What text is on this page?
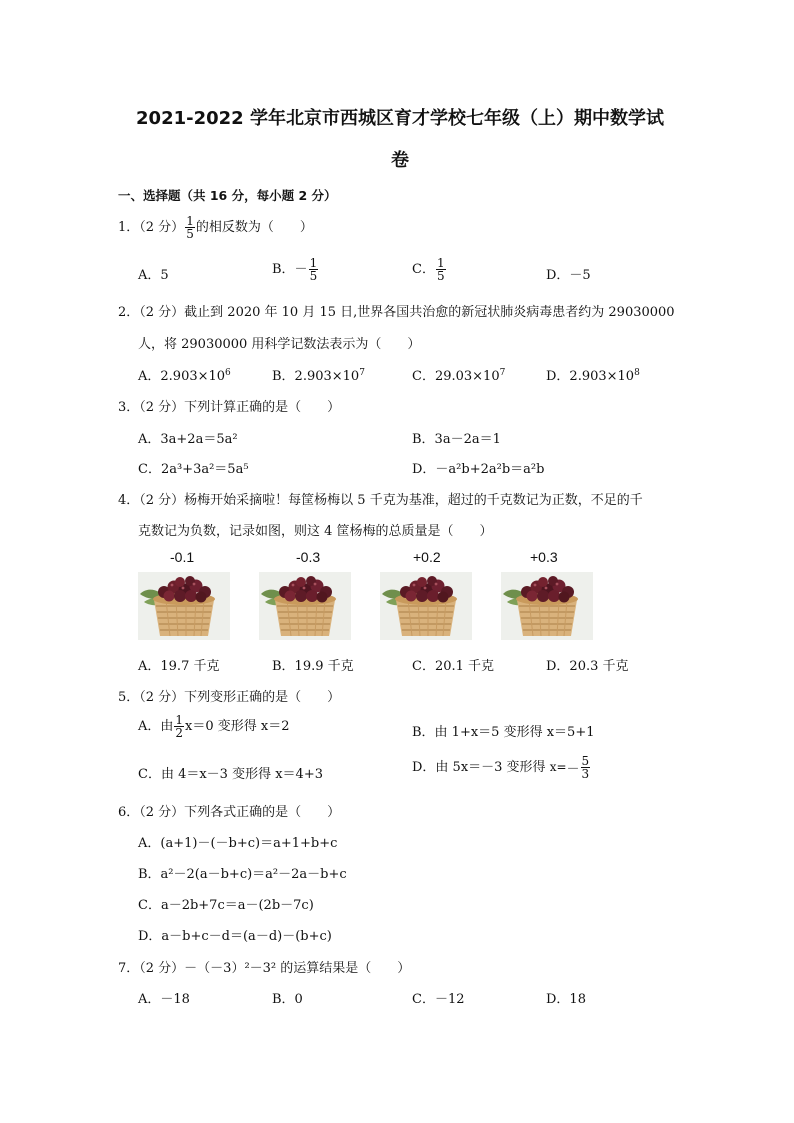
2021-2022 学年北京市西城区育才学校七年级（上）期中数学试
卷
一、选择题（共 16 分，每小题 2 分）
1．（2 分） $\frac{1}{5}$ 的相反数为（　　）
A．5	B．－ $\frac{1}{5}$	C． $\frac{1}{5}$	D．－5
2．（2 分）截止到 2020 年 10 月 15 日,世界各国共治愈的新冠状肺炎病毒患者约为 29030000
人，将 29030000 用科学记数法表示为（　　）
A．$2.903\times 10^6$	B．$2.903\times 10^7$	C．$29.03\times 10^7$	D．$2.903\times 10^8$
3．（2 分）下列计算正确的是（　　）
A．3a+2a＝5a²	B．3a－2a＝1
C．2a³+3a²＝5a⁵	D．－a²b+2a²b＝a²b
4．（2 分）杨梅开始采摘啦！每筐杨梅以 5 千克为基准，超过的千克数记为正数，不足的千
克数记为负数，记录如图，则这 4 筐杨梅的总质量是（　　）
-0.1	-0.3	+0.2	+0.3
A．19.7 千克	B．19.9 千克	C．20.1 千克	D．20.3 千克
5．（2 分）下列变形正确的是（　　）
A．由 $\frac{1}{2} x=0$ 变形得 x＝2	B．由 1+x＝5 变形得 x＝5+1
C．由 4＝x－3 变形得 x＝4+3	D．由 5x＝－3 变形得 $x=- \frac{5}{3}$
6．（2 分）下列各式正确的是（　　）
A．(a+1)－(－b+c)＝a+1+b+c
B．a²－2(a－b+c)＝a²－2a－b+c
C．a－2b+7c＝a－(2b－7c)
D．a－b+c－d＝(a－d)－(b+c)
7．（2 分）－（－3）²－3² 的运算结果是（　　）
A．－18	B．0	C．－12	D．18
